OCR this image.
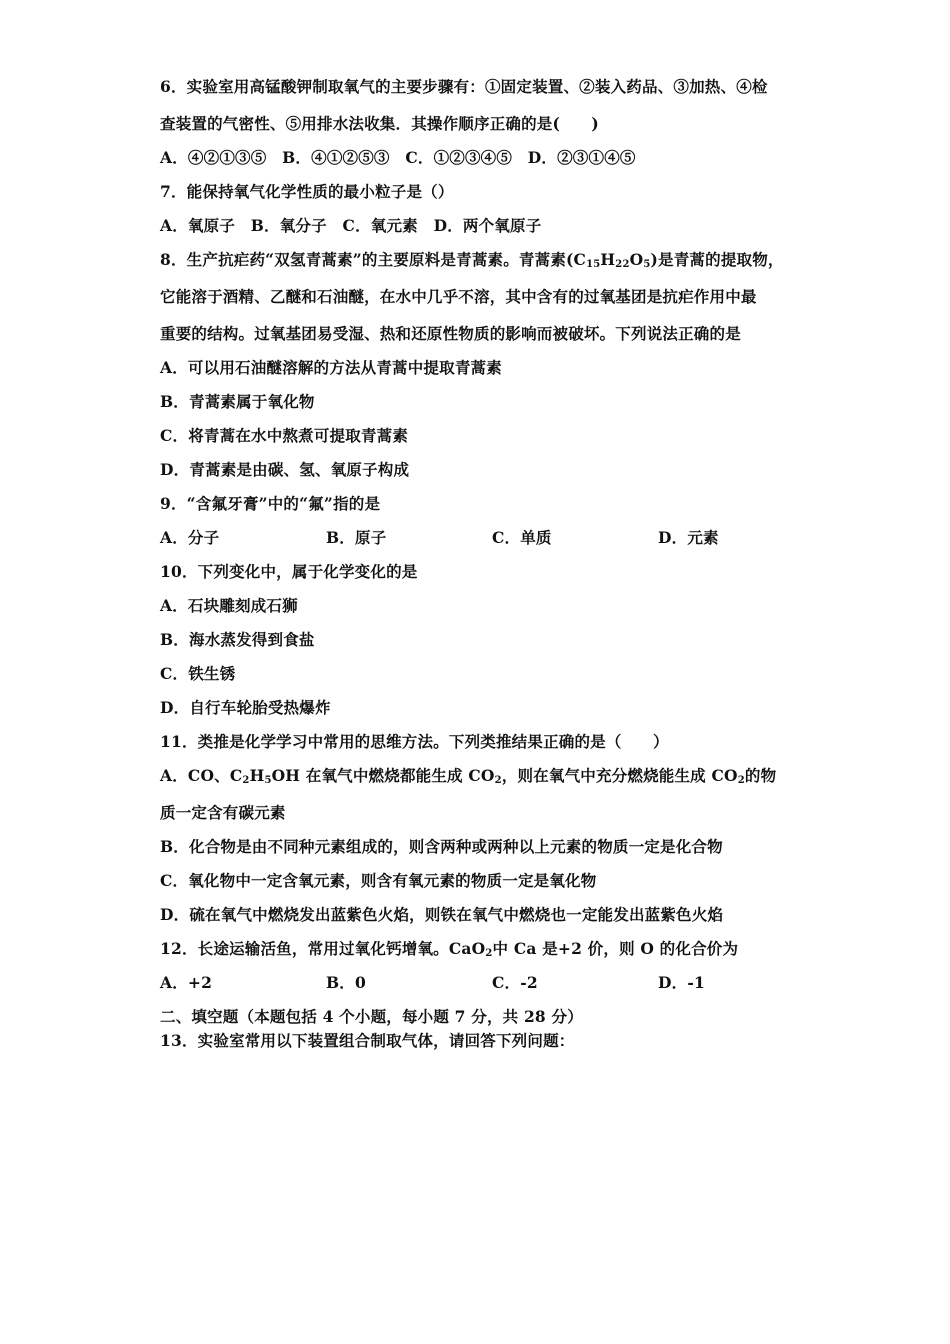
6．实验室用高锰酸钾制取氧气的主要步骤有：①固定装置、②装入药品、③加热、④检
查装置的气密性、⑤用排水法收集．其操作顺序正确的是(　　)
A．④②①③⑤　B．④①②⑤③　C．①②③④⑤　D．②③①④⑤
7．能保持氧气化学性质的最小粒子是（）
A．氧原子　B．氧分子　C．氧元素　D．两个氧原子
8．生产抗疟药“双氢青蒿素”的主要原料是青蒿素。青蒿素$(C_{15}H_{22}O_5)$是青蒿的提取物，
它能溶于酒精、乙醚和石油醚，在水中几乎不溶，其中含有的过氧基团是抗疟作用中最
重要的结构。过氧基团易受湿、热和还原性物质的影响而被破坏。下列说法正确的是
A．可以用石油醚溶解的方法从青蒿中提取青蒿素
B．青蒿素属于氧化物
C．将青蒿在水中熬煮可提取青蒿素
D．青蒿素是由碳、氢、氧原子构成
9．“含氟牙膏”中的“氟”指的是
A．分子	B．原子	C．单质	D．元素
10．下列变化中，属于化学变化的是
A．石块雕刻成石狮
B．海水蒸发得到食盐
C．铁生锈
D．自行车轮胎受热爆炸
11．类推是化学学习中常用的思维方法。下列类推结果正确的是（　　）
A．CO、$C_2H_5OH$ 在氧气中燃烧都能生成 $CO_2$，则在氧气中充分燃烧能生成 $CO_2$的物
质一定含有碳元素
B．化合物是由不同种元素组成的，则含两种或两种以上元素的物质一定是化合物
C．氧化物中一定含氧元素，则含有氧元素的物质一定是氧化物
D．硫在氧气中燃烧发出蓝紫色火焰，则铁在氧气中燃烧也一定能发出蓝紫色火焰
12．长途运输活鱼，常用过氧化钙增氧。CaO$_2$中 Ca 是+2 价，则 O 的化合价为
A．+2	B．0	C．-2	D．-1
二、填空题（本题包括 4 个小题，每小题 7 分，共 28 分）
13．实验室常用以下装置组合制取气体，请回答下列问题：
